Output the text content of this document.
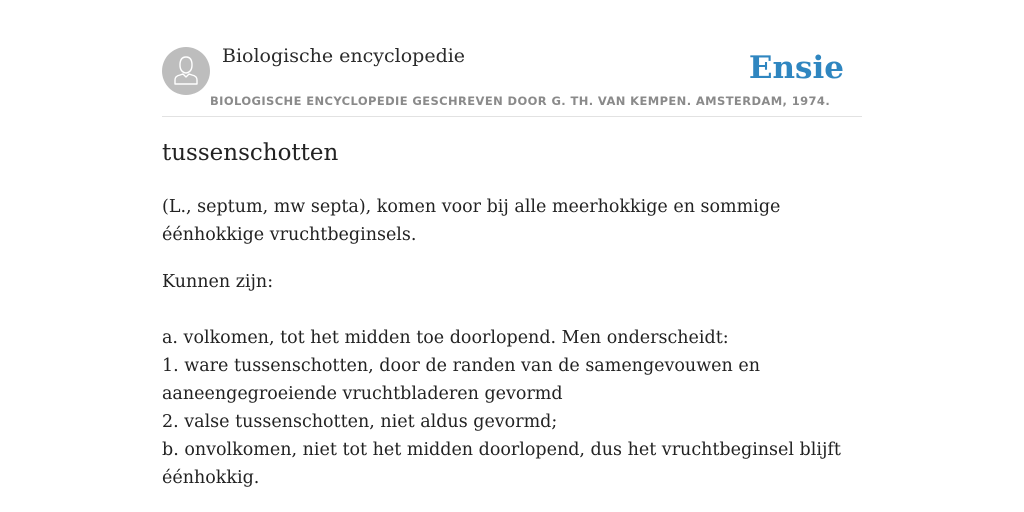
Biologische encyclopedie	Ensie
BIOLOGISCHE ENCYCLOPEDIE GESCHREVEN DOOR G. TH. VAN KEMPEN. AMSTERDAM, 1974.
tussenschotten

(L., septum, mw septa), komen voor bij alle meerhokkige en sommige éénhokkige vruchtbeginsels.

Kunnen zijn:

a. volkomen, tot het midden toe doorlopend. Men onderscheidt:
1. ware tussenschotten, door de randen van de samengevouwen en aaneengegroeiende vruchtbladeren gevormd
2. valse tussenschotten, niet aldus gevormd;
b. onvolkomen, niet tot het midden doorlopend, dus het vruchtbeginsel blijft éénhokkig.
